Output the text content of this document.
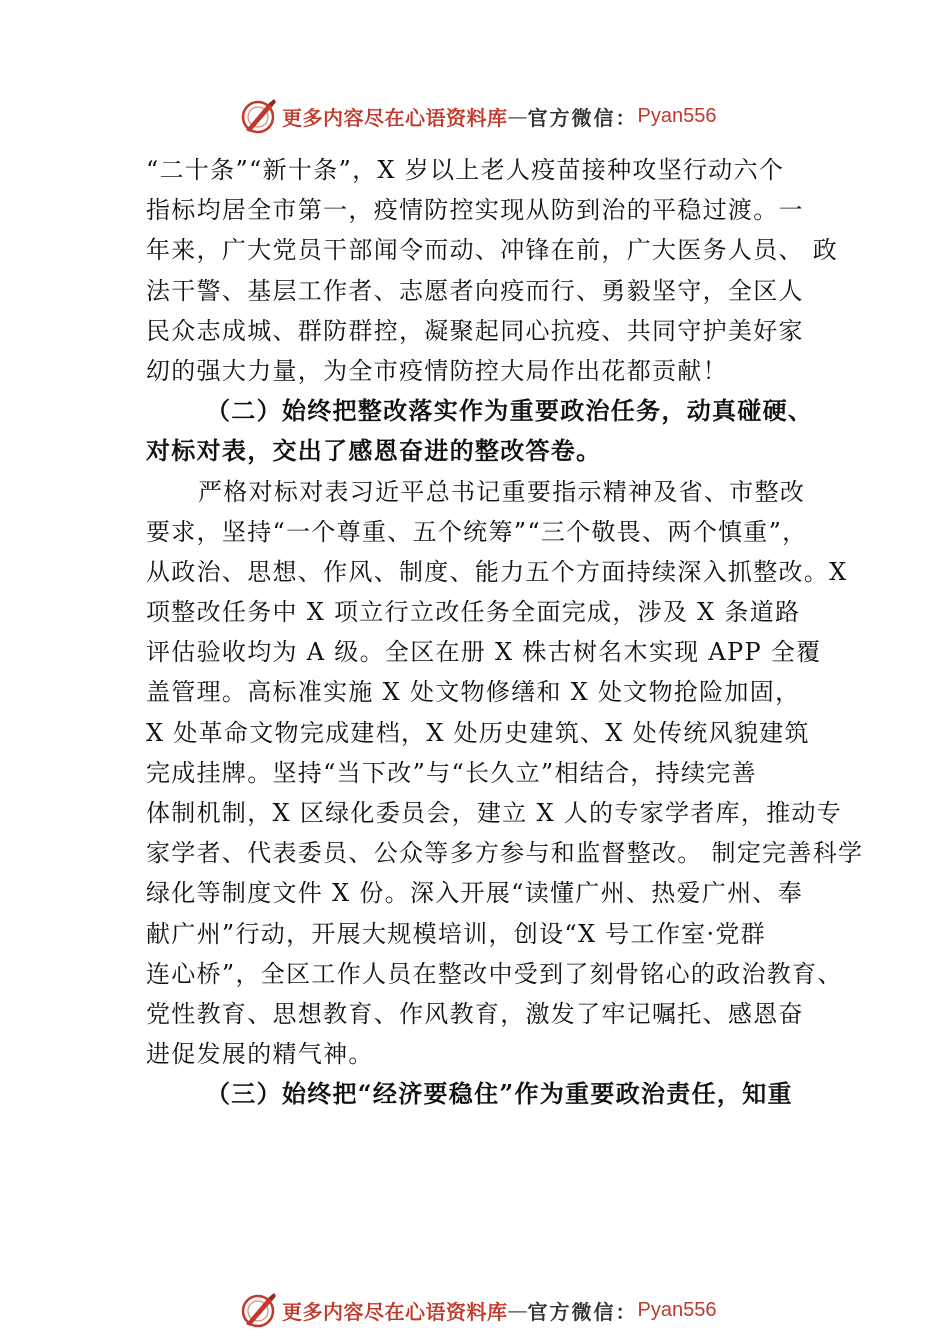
更多内容尽在心语资料库 — 官方微信： Pyan556
“二十条”“新十条”，X 岁以上老人疫苗接种攻坚行动六个
指标均居全市第一，疫情防控实现从防到治的平稳过渡。一
年来，广大党员干部闻令而动、冲锋在前，广大医务人员、 政
法干警、基层工作者、志愿者向疫而行、勇毅坚守，全区人
民众志成城、群防群控，凝聚起同心抗疫、共同守护美好家
㓜的强大力量，为全市疫情防控大局作出花都贡献！
（二）始终把整改落实作为重要政治任务，动真碰硬、
对标对表，交出了感恩奋进的整改答卷。
严格对标对表习近平总书记重要指示精神及省、市整改
要求，坚持“一个尊重、五个统筹”“三个敬畏、两个慎重”，
从政治、思想、作风、制度、能力五个方面持续深入抓整改。X
项整改任务中 X 项立行立改任务全面完成，涉及 X 条道路
评估验收均为 A 级。全区在册 X 株古树名木实现 APP 全覆
盖管理。高标准实施 X 处文物修缮和 X 处文物抢险加固，
X 处革命文物完成建档，X 处历史建筑、X 处传统风貌建筑
完成挂牌。坚持“当下改”与“长久立”相结合，持续完善
体制机制，X 区绿化委员会，建立 X 人的专家学者库，推动专
家学者、代表委员、公众等多方参与和监督整改。 制定完善科学
绿化等制度文件 X 份。深入开展“读懂广州、热爱广州、奉
献广州”行动，开展大规模培训，创设“X 号工作室·党群
连心桥”，全区工作人员在整改中受到了刻骨铭心的政治教育、
党性教育、思想教育、作风教育，激发了牢记嘱托、感恩奋
进促发展的精气神。
（三）始终把“经济要稳住”作为重要政治责任，知重
更多内容尽在心语资料库 — 官方微信： Pyan556
